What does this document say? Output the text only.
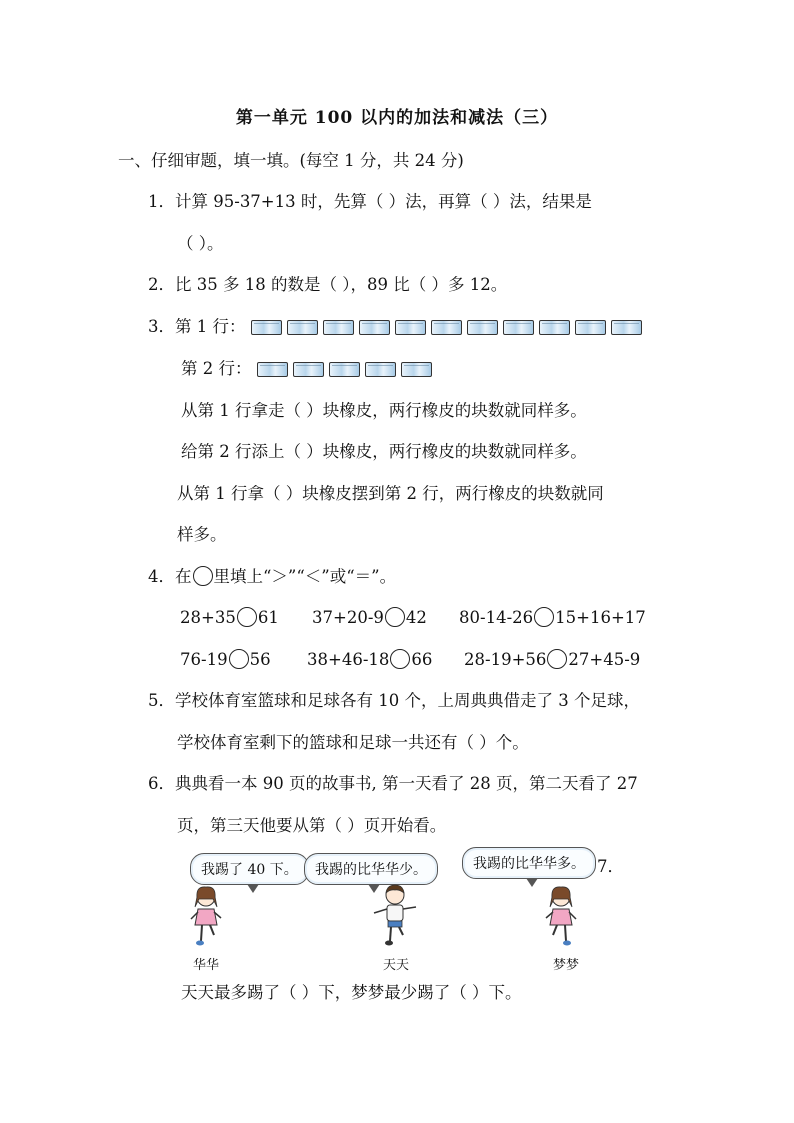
第一单元 100 以内的加法和减法（三）
一、仔细审题，填一填。(每空 1 分，共 24 分)
1．计算 95-37+13 时，先算（ ）法，再算（ ）法，结果是
（ ）。
2．比 35 多 18 的数是（ ），89 比（ ）多 12。
3．第 1 行：
第 2 行：
从第 1 行拿走（ ）块橡皮，两行橡皮的块数就同样多。
给第 2 行添上（ ）块橡皮，两行橡皮的块数就同样多。
从第 1 行拿（ ）块橡皮摆到第 2 行，两行橡皮的块数就同
样多。
4．在 里填上“＞”“＜”或“＝”。
28+35 61 37+20-9 42 80-14-26 15+16+17
76-19 56 38+46-18 66 28-19+56 27+45-9
5．学校体育室篮球和足球各有 10 个，上周典典借走了 3 个足球，
学校体育室剩下的篮球和足球一共还有（ ）个。
6．典典看一本 90 页的故事书, 第一天看了 28 页，第二天看了 27
页，第三天他要从第（ ）页开始看。
我踢了 40 下。	我踢的比华华少。	我踢的比华华多。 7．
华华	天天	梦梦
天天最多踢了（ ）下，梦梦最少踢了（ ）下。
